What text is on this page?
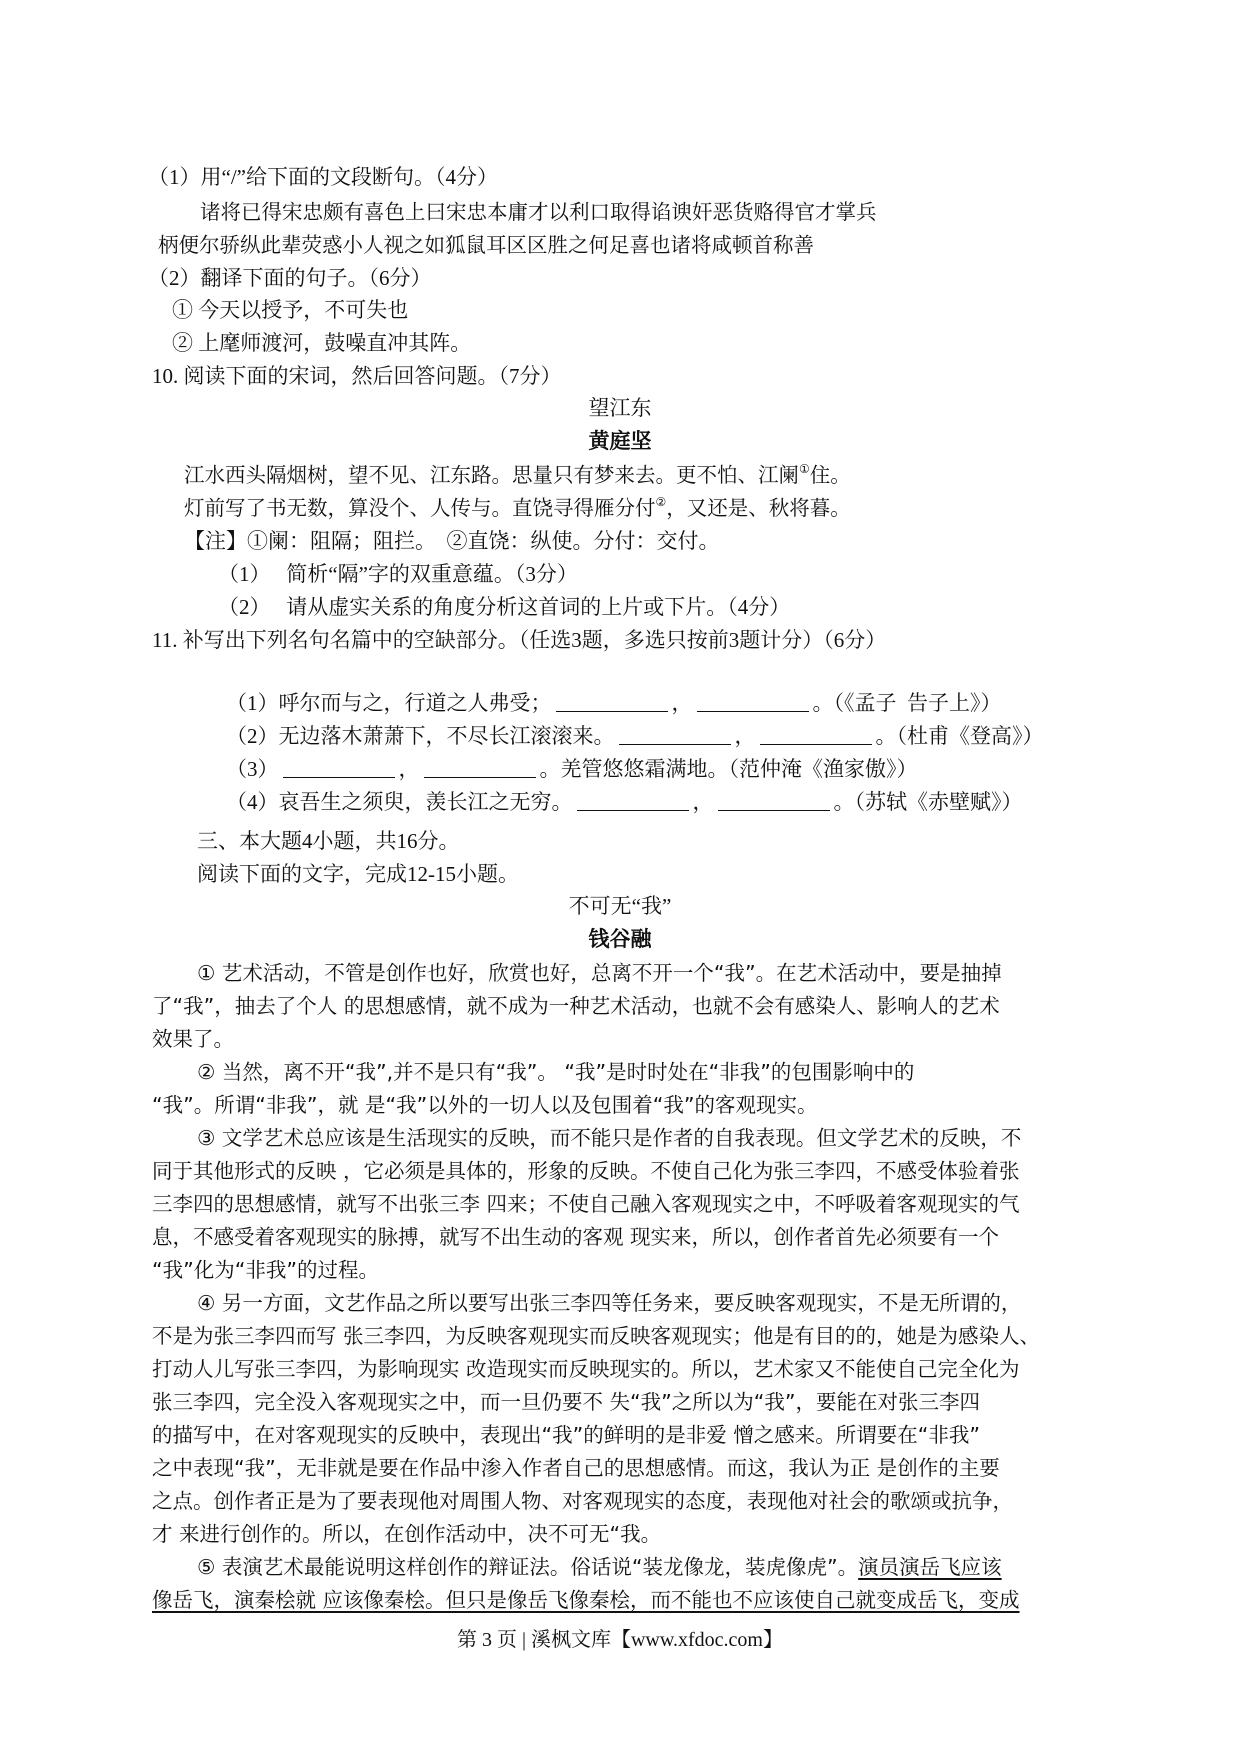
（1）用“/”给下面的文段断句。（4分）
诸将已得宋忠颇有喜色上曰宋忠本庸才以利口取得谄谀奸恶货赂得官才掌兵
柄便尔骄纵此辈荧惑小人视之如狐鼠耳区区胜之何足喜也诸将咸顿首称善
（2）翻译下面的句子。（6分）
① 今天以授予，不可失也
② 上麾师渡河，鼓噪直冲其阵。
10. 阅读下面的宋词，然后回答问题。（7分）
望江东
黄庭坚
江水西头隔烟树，望不见、江东路。思量只有梦来去。更不怕、江阑①住。
灯前写了书无数，算没个、人传与。直饶寻得雁分付②，又还是、秋将暮。
【注】①阑：阻隔；阻拦。  ②直饶：纵使。分付：交付。
（1）   简析“隔”字的双重意蕴。（3分）
（2）   请从虚实关系的角度分析这首词的上片或下片。（4分）
11. 补写出下列名句名篇中的空缺部分。（任选3题，多选只按前3题计分）（6分）

（1）呼尔而与之，行道之人弗受；	，	。（《孟子  告子上》）

（2）无边落木萧萧下，不尽长江滚滚来。	，	。（杜甫《登高》）

（3）	，	。羌管悠悠霜满地。（范仲淹《渔家傲》）

（4）哀吾生之须臾，羡长江之无穷。	，	。（苏轼《赤壁赋》）

三、本大题4小题，共16分。
阅读下面的文字，完成12-15小题。
不可无“我”
钱谷融
① 艺术活动，不管是创作也好，欣赏也好，总离不开一个“我”。在艺术活动中，要是抽掉
了“我”，抽去了个人 的思想感情，就不成为一种艺术活动，也就不会有感染人、影响人的艺术
效果了。
② 当然，离不开“我”,并不是只有“我”。 “我”是时时处在“非我”的包围影响中的
“我”。所谓“非我”，就 是“我”以外的一切人以及包围着“我”的客观现实。
③ 文学艺术总应该是生活现实的反映，而不能只是作者的自我表现。但文学艺术的反映，不
同于其他形式的反映 ，它必须是具体的，形象的反映。不使自己化为张三李四，不感受体验着张
三李四的思想感情，就写不出张三李 四来；不使自己融入客观现实之中，不呼吸着客观现实的气
息，不感受着客观现实的脉搏，就写不出生动的客观 现实来，所以，创作者首先必须要有一个
“我”化为“非我”的过程。
④ 另一方面，文艺作品之所以要写出张三李四等任务来，要反映客观现实，不是无所谓的，
不是为张三李四而写 张三李四，为反映客观现实而反映客观现实；他是有目的的，她是为感染人、
打动人儿写张三李四，为影响现实 改造现实而反映现实的。所以，艺术家又不能使自己完全化为
张三李四，完全没入客观现实之中，而一旦仍要不 失“我”之所以为“我”，要能在对张三李四
的描写中，在对客观现实的反映中，表现出“我”的鲜明的是非爱 憎之感来。所谓要在“非我”
之中表现“我”，无非就是要在作品中渗入作者自己的思想感情。而这，我认为正 是创作的主要
之点。创作者正是为了要表现他对周围人物、对客观现实的态度，表现他对社会的歌颂或抗争，
才 来进行创作的。所以，在创作活动中，决不可无“我。
⑤ 表演艺术最能说明这样创作的辩证法。俗话说“装龙像龙，装虎像虎”。演员演岳飞应该
像岳飞，演秦桧就 应该像秦桧。但只是像岳飞像秦桧，而不能也不应该使自己就变成岳飞，变成
第 3 页 | 溪枫文库【www.xfdoc.com】
